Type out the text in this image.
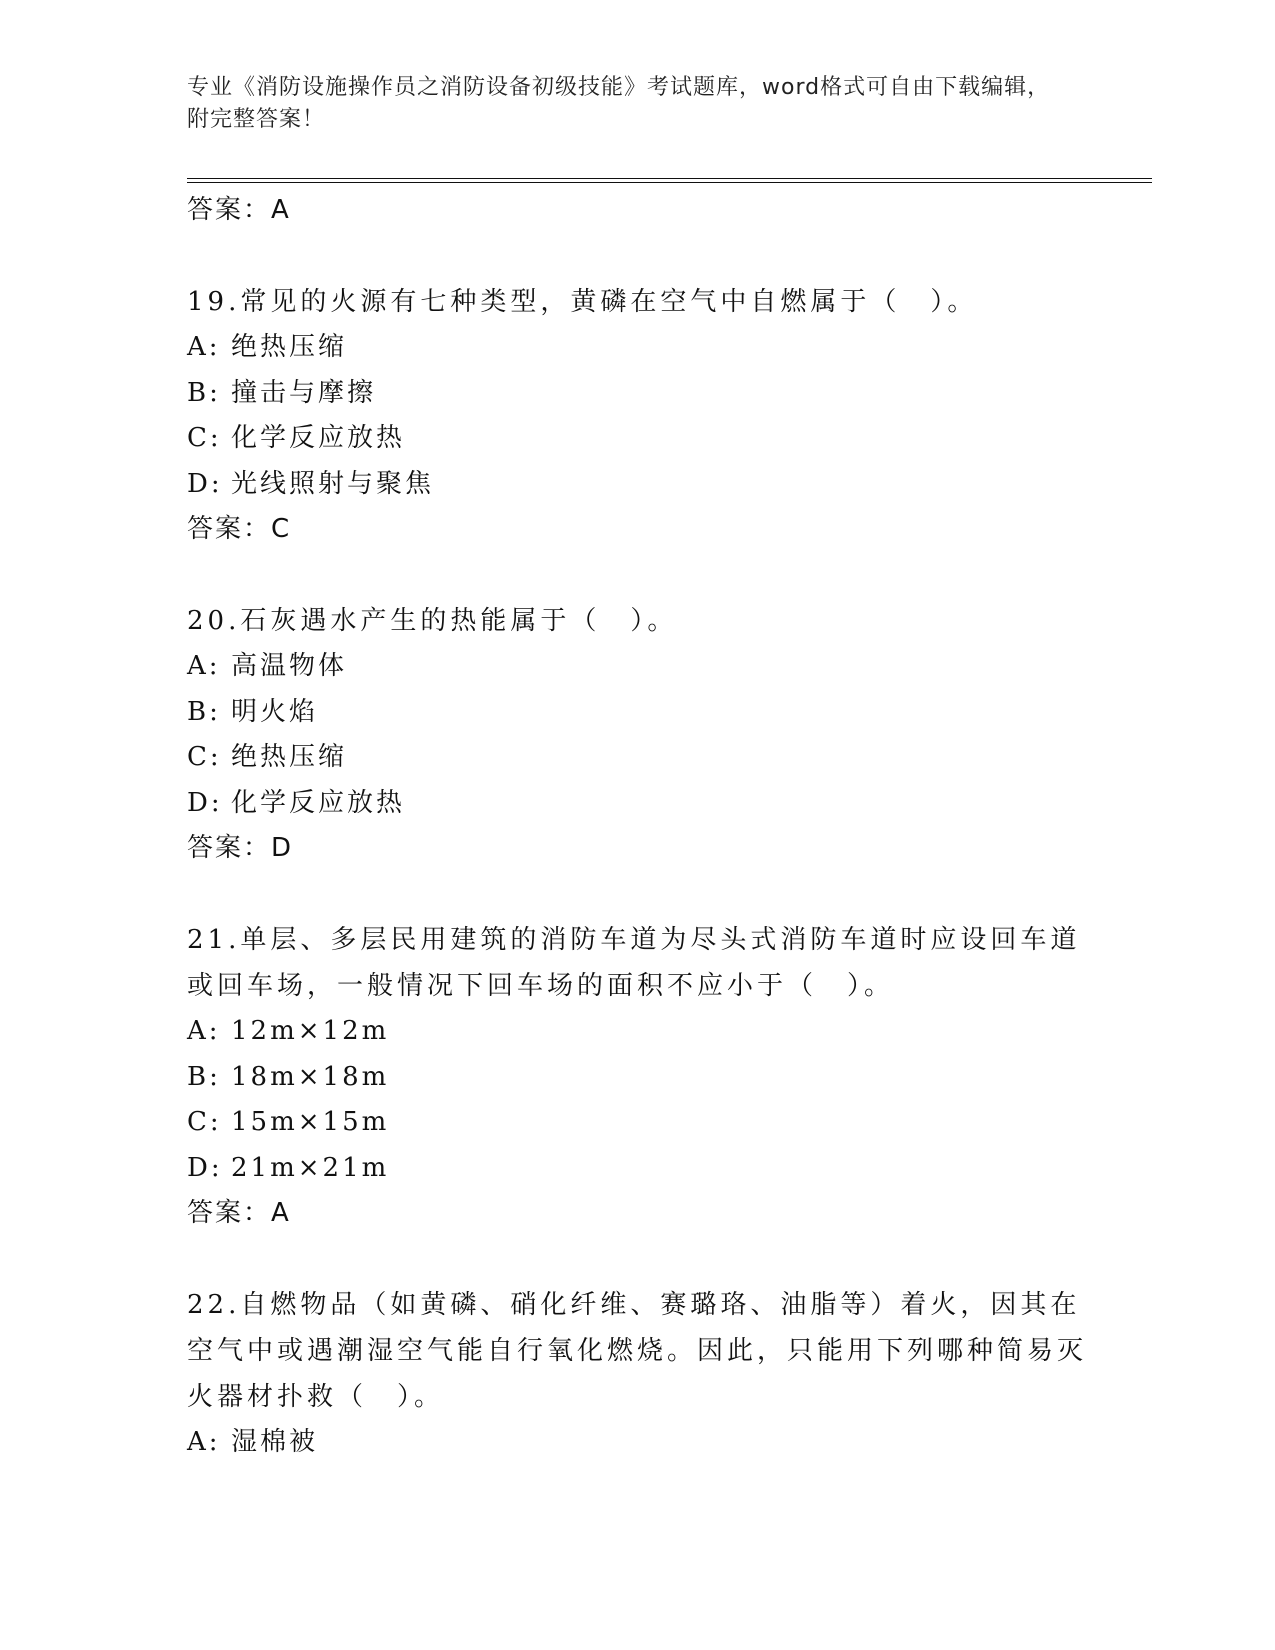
专业《消防设施操作员之消防设备初级技能》考试题库，word格式可自由下载编辑，附完整答案！
答案：A
19.常见的火源有七种类型，黄磷在空气中自燃属于（　）。
A: 绝热压缩
B: 撞击与摩擦
C: 化学反应放热
D: 光线照射与聚焦
答案：C
20.石灰遇水产生的热能属于（　）。
A: 高温物体
B: 明火焰
C: 绝热压缩
D: 化学反应放热
答案：D
21.单层、多层民用建筑的消防车道为尽头式消防车道时应设回车道或回车场，一般情况下回车场的面积不应小于（　）。
A: 12m×12m
B: 18m×18m
C: 15m×15m
D: 21m×21m
答案：A
22.自燃物品（如黄磷、硝化纤维、赛璐珞、油脂等）着火，因其在空气中或遇潮湿空气能自行氧化燃烧。因此，只能用下列哪种简易灭火器材扑救（　）。
A: 湿棉被
